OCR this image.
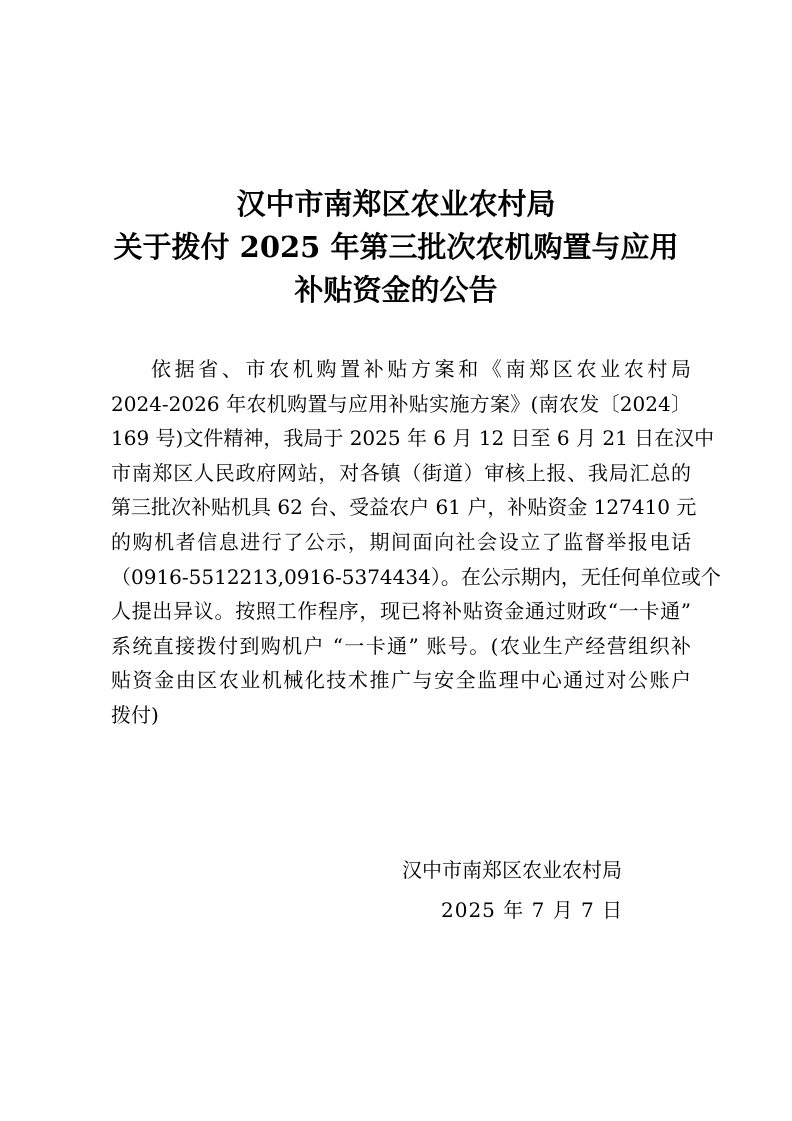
汉中市南郑区农业农村局
关于拨付 2025 年第三批次农机购置与应用
补贴资金的公告
依据省、市农机购置补贴方案和《南郑区农业农村局
2024-2026 年农机购置与应用补贴实施方案》(南农发〔2024〕
169 号)文件精神，我局于 2025 年 6 月 12 日至 6 月 21 日在汉中
市南郑区人民政府网站，对各镇（街道）审核上报、我局汇总的
第三批次补贴机具 62 台、受益农户 61 户，补贴资金 127410 元
的购机者信息进行了公示，期间面向社会设立了监督举报电话
（0916-5512213,0916-5374434）。在公示期内，无任何单位或个
人提出异议。按照工作程序，现已将补贴资金通过财政“一卡通”
系统直接拨付到购机户 “一卡通” 账号。(农业生产经营组织补
贴资金由区农业机械化技术推广与安全监理中心通过对公账户
拨付)
汉中市南郑区农业农村局
2025 年 7 月 7 日
